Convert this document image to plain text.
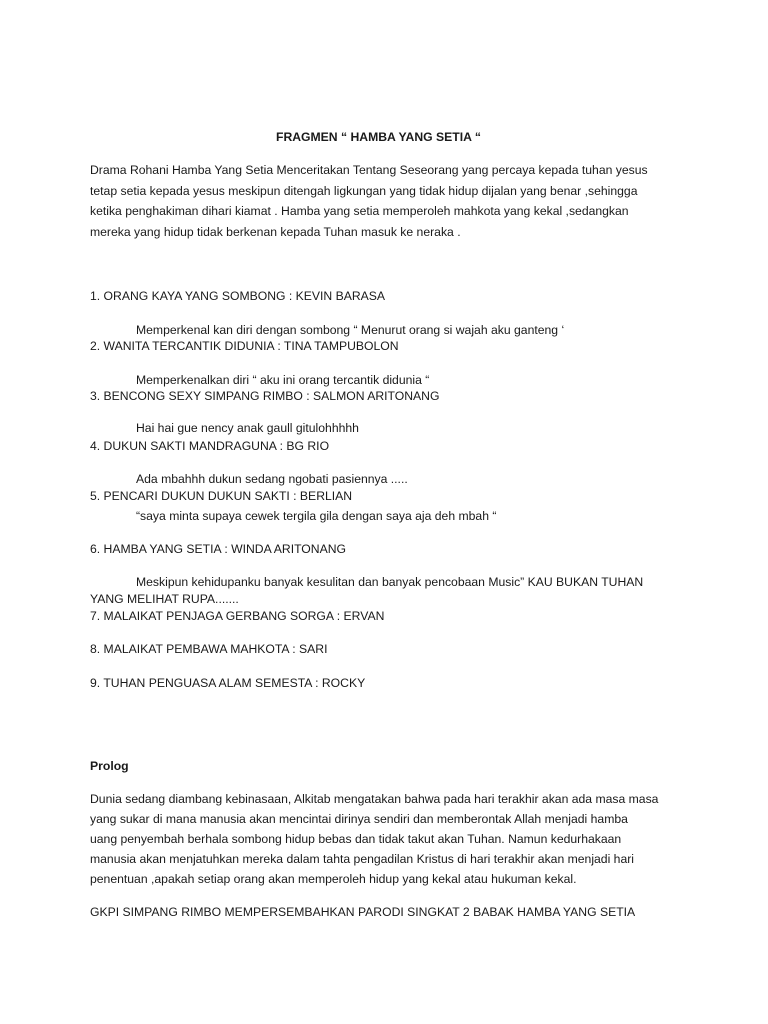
FRAGMEN “ HAMBA YANG SETIA “
Drama Rohani Hamba Yang Setia Menceritakan Tentang Seseorang yang percaya kepada tuhan yesus
tetap setia kepada yesus meskipun ditengah ligkungan yang tidak hidup dijalan yang benar ,sehingga
ketika penghakiman dihari kiamat . Hamba yang setia memperoleh mahkota yang kekal ,sedangkan
mereka yang hidup tidak berkenan kepada Tuhan masuk ke neraka .
1. ORANG KAYA YANG SOMBONG : KEVIN BARASA
Memperkenal kan diri dengan sombong “ Menurut orang si wajah aku ganteng ‘
2. WANITA TERCANTIK DIDUNIA : TINA TAMPUBOLON
Memperkenalkan diri “ aku ini orang tercantik didunia “
3. BENCONG SEXY SIMPANG RIMBO : SALMON ARITONANG
Hai hai gue nency anak gaull gitulohhhhh
4. DUKUN SAKTI MANDRAGUNA : BG RIO
Ada mbahhh dukun sedang ngobati pasiennya .....
5. PENCARI DUKUN DUKUN SAKTI : BERLIAN
“saya minta supaya cewek tergila gila dengan saya aja deh mbah “
6. HAMBA YANG SETIA : WINDA ARITONANG
Meskipun kehidupanku banyak kesulitan dan banyak pencobaan Music” KAU BUKAN TUHAN
YANG MELIHAT RUPA.......
7. MALAIKAT PENJAGA GERBANG SORGA : ERVAN
8. MALAIKAT PEMBAWA MAHKOTA : SARI
9. TUHAN PENGUASA ALAM SEMESTA : ROCKY
Prolog
Dunia sedang diambang kebinasaan, Alkitab mengatakan bahwa pada hari terakhir akan ada masa masa
yang sukar di mana manusia akan mencintai dirinya sendiri dan memberontak Allah menjadi hamba
uang penyembah berhala sombong hidup bebas dan tidak takut akan Tuhan. Namun kedurhakaan
manusia akan menjatuhkan mereka dalam tahta pengadilan Kristus di hari terakhir akan menjadi hari
penentuan ,apakah setiap orang akan memperoleh hidup yang kekal atau hukuman kekal.
GKPI SIMPANG RIMBO MEMPERSEMBAHKAN PARODI SINGKAT 2 BABAK HAMBA YANG SETIA
